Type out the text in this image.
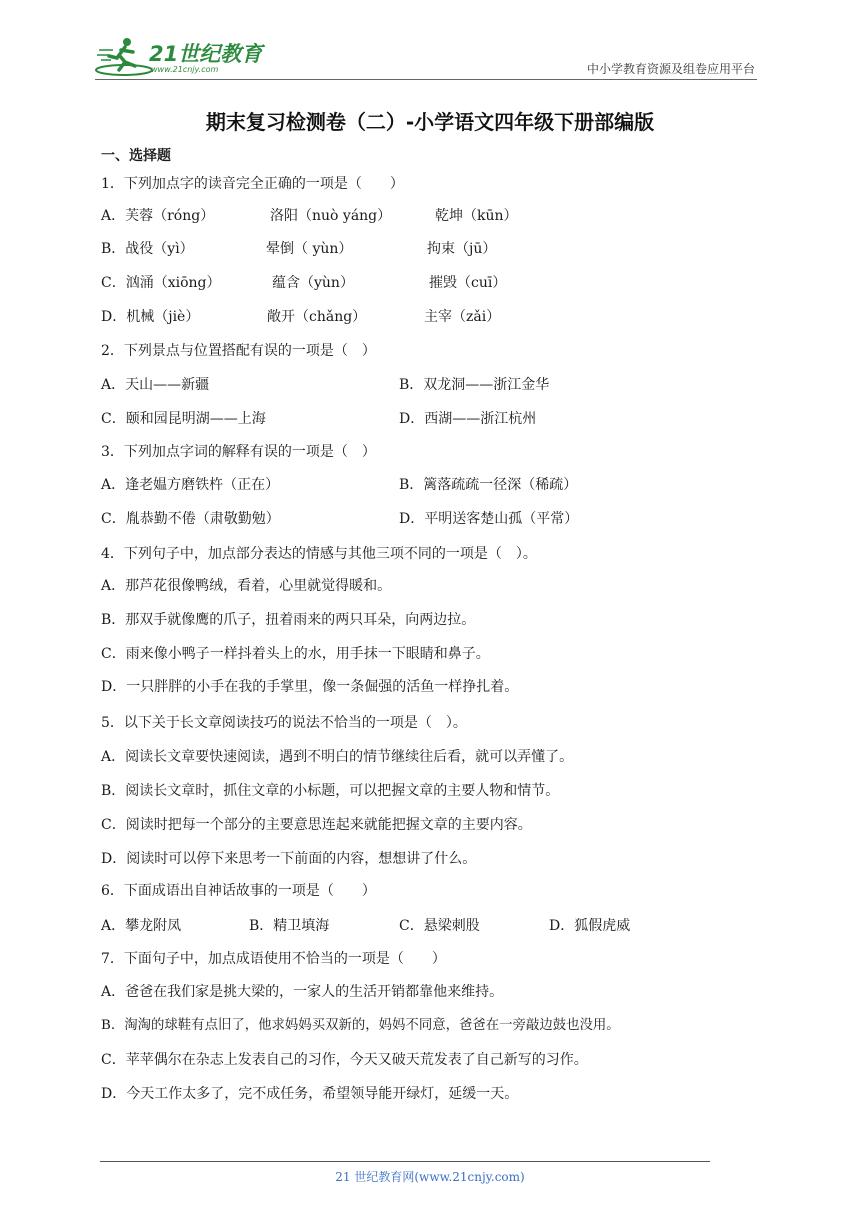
21世纪教育
www.21cnjy.com	中小学教育资源及组卷应用平台
期末复习检测卷（二）-小学语文四年级下册部编版
一、选择题
1．下列加点字的读音完全正确的一项是（　　）
A．芙蓉（róng）	洛阳（nuò yáng）	乾坤（kūn）
B．战役（yì）	晕倒（ yùn）	拘束（jū）
C．汹涌（xiōng）	蕴含（yùn）	摧毁（cuī）
D．机械（jiè）	敞开（chǎng）	主宰（zǎi）
2．下列景点与位置搭配有误的一项是（　）
A．天山——新疆	B．双龙洞——浙江金华
C．颐和园昆明湖——上海	D．西湖——浙江杭州
3．下列加点字词的解释有误的一项是（　）
A．逢老媪方磨铁杵（正在）	B．篱落疏疏一径深（稀疏）
C．胤恭勤不倦（肃敬勤勉）	D．平明送客楚山孤（平常）
4．下列句子中，加点部分表达的情感与其他三项不同的一项是（　）。
A．那芦花很像鸭绒，看着，心里就觉得暖和。
B．那双手就像鹰的爪子，扭着雨来的两只耳朵，向两边拉。
C．雨来像小鸭子一样抖着头上的水，用手抹一下眼睛和鼻子。
D．一只胖胖的小手在我的手掌里，像一条倔强的活鱼一样挣扎着。
5．以下关于长文章阅读技巧的说法不恰当的一项是（　）。
A．阅读长文章要快速阅读，遇到不明白的情节继续往后看，就可以弄懂了。
B．阅读长文章时，抓住文章的小标题，可以把握文章的主要人物和情节。
C．阅读时把每一个部分的主要意思连起来就能把握文章的主要内容。
D．阅读时可以停下来思考一下前面的内容，想想讲了什么。
6．下面成语出自神话故事的一项是（　　）
A．攀龙附凤	B．精卫填海	C．悬梁刺股	D．狐假虎威
7．下面句子中，加点成语使用不恰当的一项是（　　）
A．爸爸在我们家是挑大梁的，一家人的生活开销都靠他来维持。
B．淘淘的球鞋有点旧了，他求妈妈买双新的，妈妈不同意，爸爸在一旁敲边鼓也没用。
C．苹苹偶尔在杂志上发表自己的习作，今天又破天荒发表了自己新写的习作。
D．今天工作太多了，完不成任务，希望领导能开绿灯，延缓一天。
21 世纪教育网(www.21cnjy.com)
